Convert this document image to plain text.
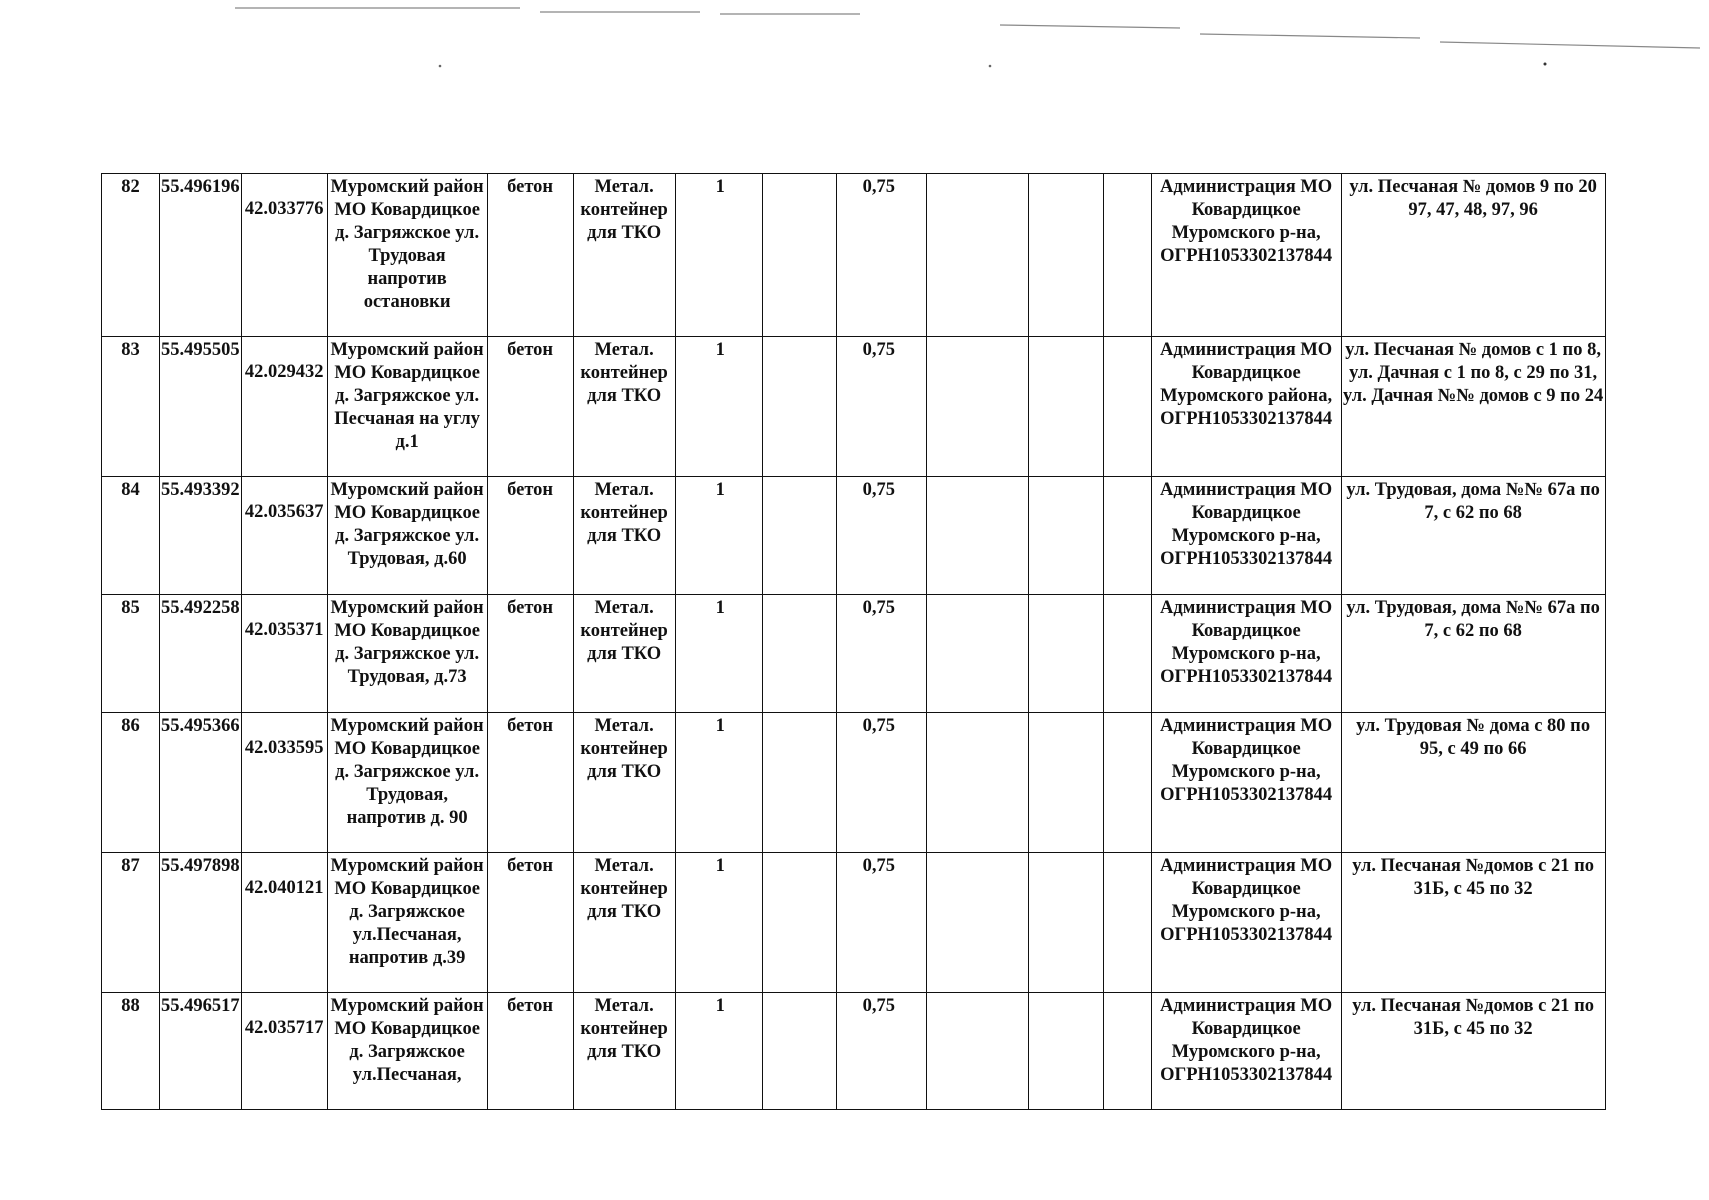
82	55.496196	42.033776	Муромский район МО Ковардицкое д. Загряжское ул. Трудовая напротив остановки	бетон	Метал. контейнер для ТКО	1		0,75				Администрация МО Ковардицкое Муромского р-на, ОГРН1053302137844	ул. Песчаная № домов 9 по 20 97, 47, 48, 97, 96
83	55.495505	42.029432	Муромский район МО Ковардицкое д. Загряжское ул. Песчаная на углу д.1	бетон	Метал. контейнер для ТКО	1		0,75				Администрация МО Ковардицкое Муромского района, ОГРН1053302137844	ул. Песчаная № домов с 1 по 8, ул. Дачная с 1 по 8, с 29 по 31, ул. Дачная №№ домов с 9 по 24
84	55.493392	42.035637	Муромский район МО Ковардицкое д. Загряжское ул. Трудовая, д.60	бетон	Метал. контейнер для ТКО	1		0,75				Администрация МО Ковардицкое Муромского р-на, ОГРН1053302137844	ул. Трудовая, дома №№ 67а по 7, с 62 по 68
85	55.492258	42.035371	Муромский район МО Ковардицкое д. Загряжское ул. Трудовая, д.73	бетон	Метал. контейнер для ТКО	1		0,75				Администрация МО Ковардицкое Муромского р-на, ОГРН1053302137844	ул. Трудовая, дома №№ 67а по 7, с 62 по 68
86	55.495366	42.033595	Муромский район МО Ковардицкое д. Загряжское ул. Трудовая, напротив д. 90	бетон	Метал. контейнер для ТКО	1		0,75				Администрация МО Ковардицкое Муромского р-на, ОГРН1053302137844	ул. Трудовая № дома с 80 по 95, с 49 по 66
87	55.497898	42.040121	Муромский район МО Ковардицкое д. Загряжское ул.Песчаная, напротив д.39	бетон	Метал. контейнер для ТКО	1		0,75				Администрация МО Ковардицкое Муромского р-на, ОГРН1053302137844	ул. Песчаная №домов с 21 по 31Б, с 45 по 32
88	55.496517	42.035717	Муромский район МО Ковардицкое д. Загряжское ул.Песчаная,	бетон	Метал. контейнер для ТКО	1		0,75				Администрация МО Ковардицкое Муромского р-на, ОГРН1053302137844	ул. Песчаная №домов с 21 по 31Б, с 45 по 32
